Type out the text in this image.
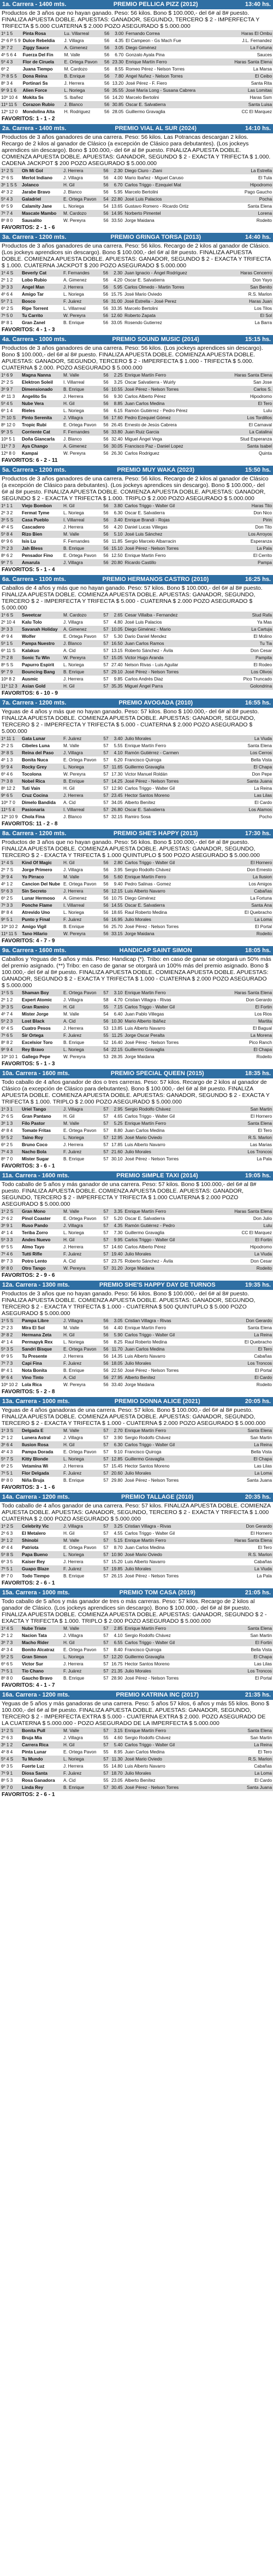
1a. Carrera - 1400 mts.	PREMIO PELLICA PIZZ (2012)	13:40 hs.
Productos de 3 años que no hayan ganado. Peso: 56 kilos. Bono $ 100.000,- del 6# al 8# puesto. FINALIZA APUESTA DOBLE. APUESTAS: GANADOR, SEGUNDO, TERCERO $ 2 - IMPERFECTA Y TRIFECTA $ 5.000 CUATERNA $ 2.000 POZO ASEGURADO $ 5.000.000
1º 1 5	Pinta Rosa	Lu. Villarreal	56	3.00	Fernando Correa	Haras El Ombu
2º 6 P 5 9	Dulce Rebeldia	J. Villagra	56	4.35	El Campeon - Gs Mach Fue	J.L. Fernandez
3º 7 2	Ziggy Sauce	A. Gimenez	56	3.05	Diego Giménez	La Fortuna
4º 5 6 4	Fuerza Del Fin	M. Valle	56	6.70	Gonzalo Ayala Pina	Sauces
5º 4 3	Flor de Ciruela	E. Ortega Pavon	56	23.30	Enrique Martín Ferro	Haras Santa Elena
6º 2	Juana Tiempo	M. Cardozo	56	8.55	Romeo Pérez - Nelson Torres	La Marsa
7º 8 S 5	Dona Reina	B. Enrique	56	7.80	Angel Nuñez - Nelson Torres	El Ceibo
8º 3 4	Portinari Ss	J. Herrera	56	13.20	José Pérez - F. Fiero	Santa Rita
9º 9 1 6	Alien Force	L. Noriega	56	35.55	José María Long - Susana Cabrera	Las Lomitas
10º 10 4	Mokita Ss	S. Ibañez	56	14.20	Marcelo Bertolini	Haras Ssm
11º 11 5	Corazon Rubio	J. Blanco	56	30.85	Oscar E. Salvatierra	Santa Luisa
12º 12 0	Mondolina Alta	H. Rodriguez	56	28.05	Guillermo Gravaglia	CC El Marquez
FAVORITOS: 1 - 1 - 2
2a. Carrera - 1400 mts.	PREMIO VIAL AL SUR (2024)	14:10 hs.
Productos de 3 años ganadores de una carrera. Peso: 56 kilos. Las Potrancas descargan 2 kilos. Recargo de 2 kilos al ganador de Clásico (a excepción de Clásico para debutantes). (Los jockeys aprendices sin descargo). Bono $ 100.000,- del 6# al 8# puesto. FINALIZA APUESTA DOBLE. COMIENZA APUESTA DOBLE. APUESTAS: GANADOR, SEGUNDO $ 2 - EXACTA Y TRIFECTA $ 1.000. CADENA JACKPOT $ 200 POZO ASEGURADO $ 5.000.000
1º 2 S	Oh Mi Gol	J. Herrera	56	2.30	Diego Ciuro - Ziani	La Estrella
2º 6 S	Merlot Indiano	J. Villagra	56	4.00	Mario Ibañez - Miguel Caruso	El Tula
3º 1 S 5	Jolanco	H. Gil	56	6.70	Carlos Triggo - Ezequiel Mat	Hipodromo
4º 3 2	Jarabe Bravo	J. Blanco	56	5.95	Marcelo Bertolini	Pago Gaucho
5º 4 3	Galadriel	E. Ortega Pavon	54	22.80	José Luis Palacios	Pocha
6º 5 9	Calamity Jane	L. Noriega	54	13.65	Gustavo Romero - Ricardo Ortiz	Santa Elena
7º 7 4	Mascate Mambo	M. Cardozo	56	14.95	Norberto Pimentel	Lorena
8º 8 0	Sausalito	W. Pereyra	56	33.50	Jorge Maidana	Rodeito
FAVORITOS: 2 - 1 - 6
3a. Carrera - 1200 mts.	PREMIO GRINGA TORSA (2013)	14:40 hs.
Productos de 3 años ganadores de una carrera. Peso: 56 kilos. Recargo de 2 kilos al ganador de Clásico. (Los jockeys aprendices sin descargo). Bono $ 100.000,- del 6# al 8# puesto. FINALIZA APUESTA DOBLE. COMIENZA APUESTA DOBLE. APUESTAS: GANADOR, SEGUNDO $ 2 - EXACTA Y TRIFECTA $ 1.000. CUATERNA JACKPOT $ 200 POZO ASEGURADO $ 5.000.000
1º 4 S	Beverly Cat	F. Fernandes	56	2.30	Juan Ignacio - Ángel Rodríguez	Haras Cencerro
2º 1 2	Lobo Rubio	A. Gimenez	56	4.20	Oscar E. Salvatierra	Don Yayo
3º 3 3	Angel Man	J. Herrera	56	5.95	Carlos Olmedo - Martin Torres	San Benito
4º 6 4	Amigo Tar	L. Noriega	56	15.75	José Mario Oviedo	R.S. Marlon
5º 7 1	Bosco	F. Juárez	56	31.00	José Estrella - José Perez	Haras Juan
6º 2 S	Ripe Torrent	L. Villarreal	56	33.35	Marcelo Bertolini	Los Tilos
7º 5 0	Tu Carrito	W. Pereyra	56	12.60	Roberto Zapata	El Sol
8º 8 1	Gran Zanel	B. Enrique	56	33.05	Rosendo Gutierrez	La Barra
FAVORITOS: 4 - 1 - 3
4a. Carrera - 1000 mts.	PREMIO SOUND MUSIC (2014)	15:15 hs.
Productos de 3 años ganadores de una carrera. Peso: 56 kilos. (Los jockeys aprendices sin descargo). Bono $ 100.000,- del 6# al 8# puesto. FINALIZA APUESTA DOBLE. COMIENZA APUESTA DOBLE. APUESTAS: GANADOR, SEGUNDO, TERCERO $ 2 - IMPERFECTA $ 1.000 - TRIFECTA $ 5.000. CUATERNA $ 2.000. POZO ASEGURADO $ 5.000.000
1º 6 9	Magna Nanna	M. Valle	56	2.25	Enrique Martín Ferro	Haras Santa Elena
2º 2 S	Elektron Soleil	I. Villarreal	56	3.25	Oscar Salvatierra - Wuirly	San Jose
3º 9 7	Dimensionado	B. Enrique	56	10.55	José Pérez - Nelson Torres	Carlos S.
4º 11 3	Angelito Ss	J. Herrera	56	9.30	Carlos Alberto Pérez	Hipodromo
5º 4 5	Nube Vera	H. Gil	56	8.85	Juan Carlos Medina	El Tero
6º 1 4	Rieles	L. Noriega	56	6.15	Ramón Gutiérrez - Pedro Pérez	Lulu
7º 10 S	Pinto Serenita	J. Villagra	56	17.60	Pedro Ezequiel Gómez	Los Tordillos
8º 12 0	Tropic Rubi	E. Ortega Pavon	56	26.45	Ernesto de Jesús Cabrera	El Carnaval
9º 3 5	Corriente Cat	F. Fernandes	56	33.80	Juan Ruiz Garcia	La Catalina
10º 5 1	Doña Giancarla	J. Blanco	56	32.40	Miguel Ángel Vega	Stud Esperanza
11º 7 3	Aya Chango	A. Gimenez	56	30.05	Francisco Paz - Daniel Lopez	Santa Isabel
12º 8 0	Kampai	W. Pereyra	56	26.30	Carlos Rodriguez	Quinta
FAVORITOS: 6 - 2 - 11
5a. Carrera - 1200 mts.	PREMIO MUY WAKA (2023)	15:50 hs.
Productos de 3 años ganadores de una carrera. Peso: 56 kilos. Recargo de 2 kilos al ganador de Clásico (a excepción de Clásico para debutantes). (Los jockeys aprendices sin descargo). Bono $ 100.000,- del 6# al 8# puesto. FINALIZA APUESTA DOBLE. COMIENZA APUESTA DOBLE. APUESTAS: GANADOR, SEGUNDO $ 2 - EXACTA Y TRIFECTA $ 1.000. TRIPLO $ 2.000 POZO ASEGURADO $ 5.000.000
1º 1 1	Viejo Bombon	H. Gil	56	3.80	Carlos Triggo - Walter Gil	Haras Tito
2º 3 2	Fermat Tyme	L. Noriega	56	6.30	Oscar E. Salvatierra	Don Nico
3º 5 S	Casa Pueblo	I. Villarreal	56	3.40	Enrique Brandi - Rojas	Pirin
4º 4 S	Cascadero	J. Herrera	56	4.20	Daniel Lucas Villegas	Don Tito
5º 8 4	Rizo Bien	M. Valle	56	5.10	José Luis Sánchez	Los Arroyos
6º 9 6	Isis Lu	F. Fernandes	56	11.85	Sergio Marcelo Albarracin	Esperanza
7º 2 3	Jah Bless	B. Enrique	56	15.10	José Pérez - Nelson Torres	La Pala
8º 6 2	Pensador Fino	E. Ortega Pavon	56	12.50	Enrique Martin Ferro	El Cerrito
9º 7 5	Amarula	J. Villagra	56	20.80	Ricardo Castillo	Pampa
FAVORITOS: 5 - 1 - 4
6a. Carrera - 1100 mts.	PREMIO HERMANOS CASTRO (2010)	16:25 hs.
Caballos de 4 años y más que no hayan ganado. Peso: 57 kilos. Bono $ 100.000,- del 6# al 8# puesto. FINALIZA APUESTA DOBLE. COMIENZA APUESTA DOBLE. APUESTAS: GANADOR, SEGUNDO, TERCERO $ 2 - IMPERFECTA Y TRIFECTA $ 5.000 - CUATERNA $ 2.000 POZO ASEGURADO $ 5.000.000
1º 6 S	Sweetcar	M. Cardozo	57	2.65	Cesar Villalba - Fernandez	Stud Rafa
2º 10 4	Kalu Tolo	J. Villagra	57	4.80	José Luis Palacios	Ya Mas
3º 3 3	Savanah Holiday	A. Gimenez	57	10.05	Diego Giménez - Mario	La Cartuja
4º 9 4	Wolfer	E. Ortega Pavon	57	5.30	Dario Daniel Mendez	El Molino
5º 1 5	Pampa Nuestro	J. Blanco	57	16.50	Juan Carlos Ramos	Tu Tia
6º 11 S	Kalakuo	A. Cid	57	13.15	Roberto Sánchez - Ávila	Don Cesar
7º 2 8	Sonic Tu Win	W. Pereyra	57	15.05	Victor Hugo Aranda	Pampita
8º 5 S	Papurro Espirit	L. Noriega	57	27.40	Nelson Rivas - Luis Aguilar	El Rodeo
9º 7 9	Bouncing Bang	B. Enrique	57	29.10	José Pérez - Nelson Torres	Los Olivos
10º 8 2	Ausmic	J. Herrera	57	9.85	Carlos Andrés Diaz	Pico Truncado
11º 12 3	Asian Gold	H. Gil	57	35.35	Miguel Ángel Parra	Golondrina
FAVORITOS: 6 - 10 - 9
7a. Carrera - 1200 mts.	PREMIO AVOGADA (2010)	16:55 hs.
Yeguas de 4 años y más que no hayan ganado. Peso: 57 kilos. Bono $ 100.000,- del 6# al 8# puesto. FINALIZA APUESTA DOBLE. COMIENZA APUESTA DOBLE. APUESTAS: GANADOR, SEGUNDO, TERCERO $ 2 - IMPERFECTA Y TRIFECTA $ 5.000 - CUATERNA $ 2.000 POZO ASEGURADO $ 5.000.000
1º 11 1	Gata Lunar	F. Juárez	57	3.40	Julio Morales	La Viuda
2º 2 S	Cibeles Luna	M. Valle	57	5.55	Enrique Martín Ferro	Santa Elena
3º 8 S	Reina del Paso	J. Villagra	57	4.10	Ramón Gutiérrez - Carmen	Los Cerros
4º 1 3	Bonita Nuca	E. Ortega Pavon	57	6.20	Francisco Quiroga	Bella Vista
5º 9 4	Rocky Grey	L. Noriega	57	11.65	Guillermo Gravaglia	El Chapa
6º 4 6	Tocolona	W. Pereyra	57	17.30	Victor Manuel Roldán	Don Pepe
7º 3 8	Nobel Rica	B. Enrique	57	14.25	José Pérez - Nelson Torres	Santa Juana
8º 12 2	Tuti Vain	H. Gil	57	12.90	Carlos Triggo - Walter Gil	La Reina
9º 6 5	Cruz Cocina	J. Herrera	57	23.45	Hector Santos Moreno	Las Lilas
10º 7 0	Dimelo Bandida	A. Cid	57	34.05	Alberto Benítez	El Cardo
11º 5 4	Pasionaria	I. Villarreal	57	26.80	Oscar E. Salvatierra	Los Alamos
12º 10 9	Chola Fina	J. Blanco	57	32.15	Ramiro Sosa	Pocho
FAVORITOS: 11 - 2 - 8
8a. Carrera - 1200 mts.	PREMIO SHE'S HAPPY (2013)	17:30 hs.
Productos de 3 años que no hayan ganado. Peso: 56 kilos. Bono $ 100.000,- del 6# al 8# puesto. FINALIZA APUESTA DOBLE. COMIENZA APUESTA DOBLE. APUESTAS: GANADOR, SEGUNDO, TERCERO $ 2 - EXACTA Y TRIFECTA $ 1.000 QUINTUPLO $ 500 POZO ASEGURADO $ 5.000.000
1º 4 S	Kind Of Magic	H. Gil	56	2.80	Carlos Triggo - Walter Gil	El Hornero
2º 7 S	Jorge Primero	J. Villagra	56	3.95	Sergio Rodolfo Chávez	Don Ernesto
3º 9 4	Yo Pirraco	M. Valle	56	5.60	Enrique Martín Ferro	La Ilusion
4º 1 2	Cancion Del Nube	E. Ortega Pavon	56	9.40	Pedro Salinas - Gomez	Los Amigos
5º 6 3	Sin Secreto	J. Herrera	56	12.15	Luis Alberto Navarro	Cabañas
6º 2 5	Lunar Hermoso	A. Gimenez	56	10.75	Diego Giménez	La Fortuna
7º 3 3	Ponche Flame	I. Villarreal	56	14.55	Oscar E. Salvatierra	Santa Ana
8º 8 4	Atrevido Uno	L. Noriega	56	18.65	Raul Roberto Medina	El Quebracho
9º 5 1	Punto y Final	F. Juárez	56	16.95	Julio Morales	La Loma
10º 10 2	Amigo Vigil	B. Enrique	56	25.70	José Pérez - Nelson Torres	El Portal
11º 11 5	Tano Hilario	W. Pereyra	56	33.15	Jorge Maidana	Rodeito
FAVORITOS: 4 - 7 - 9
9a. Carrera - 1600 mts.	HANDICAP SAINT SIMON	18:05 hs.
Caballos y Yeguas de 5 años y más. Peso: Handicap (*). Tribo: en caso de ganar se otorgará un 50% más del premio asignado. (**) Tribo: en caso de ganar se otorgará un 100% más del premio asignado. Bono $ 100.000,- del 6# al 8# puesto. FINALIZA APUESTA DOBLE. COMIENZA APUESTA DOBLE. APUESTAS: GANADOR, SEGUNDO $ 2 - EXACTA Y TRIFECTA $ 1.000 - CUATERNA $ 2.000 POZO ASEGURADO $ 5.000.000
1º 5 S	Shaman Boy	E. Ortega Pavon	57	3.10	Enrique Martin Ferro	Haras Santa Elena
2º 1 2	Expert Atomic	J. Villagra	58	4.70	Cristian Villagra - Rivas	Don Gerardo
3º 3 S	Gran Ramiro	H. Gil	55	7.15	Carlos Triggo - Walter Gil	El Fortin
4º 7 4	Mister Jorge	M. Valle	54	6.40	Juan Pablo Villegas	Los Rios
5º 2 3	Lost Black	A. Cid	56	10.30	Mario Alberto Ibáñez	Martita
6º 4 S	Cuatro Pesos	J. Herrera	53	13.85	Luis Alberto Navarro	El Bagual
7º 6 5	Sir Ortega	F. Juárez	55	11.25	Jorge Oscar Peralta	La Morena
8º 8 2	Excelsior Toro	B. Enrique	52	16.40	José Pérez - Nelson Torres	Pico Ranch
9º 9 4	Rey Bravo	L. Noriega	54	22.15	Guillermo Gravaglia	El Chapa
10º 10 1	Gallego Pepe	W. Pereyra	53	28.35	Jorge Maidana	Rodeito
FAVORITOS: 5 - 1 - 3
10a. Carrera - 1600 mts.	PREMIO SPECIAL QUEEN (2015)	18:35 hs.
Todo caballo de 4 años ganador de dos o tres carreras. Peso: 57 kilos. Recargo de 2 kilos al ganador de Clásico (a excepción de Clásico para debutantes). Bono $ 100.000,- del 6# al 8# puesto. FINALIZA APUESTA DOBLE. COMIENZA APUESTA DOBLE. APUESTAS: GANADOR, SEGUNDO $ 2 - EXACTA Y TRIFECTA $ 1.000. TRIPLO $ 2.000 POZO ASEGURADO $ 5.000.000
1º 3 1	Uriel Tango	J. Villagra	57	2.95	Sergio Rodolfo Chávez	San Martin
2º 6 S	Gran Pantano	H. Gil	57	4.65	Carlos Triggo - Walter Gil	El Hornero
3º 1 3	Filo Pastor	M. Valle	57	5.25	Enrique Martín Ferro	Santa Elena
4º 8 4	Tomate Fritas	E. Ortega Pavon	57	8.80	Juan Carlos Medina	El Tero
5º 5 2	Taino Roy	L. Noriega	57	12.95	José Mario Oviedo	R.S. Marlon
6º 2 5	Bruno Coco	J. Herrera	57	17.85	Luis Alberto Navarro	Las Marias
7º 4 3	Nacho Bola	F. Juárez	57	21.60	Julio Morales	Los Troncos
8º 7 0	Mister Sugar	B. Enrique	57	30.10	José Pérez - Nelson Torres	La Pala
FAVORITOS: 3 - 6 - 1
11a. Carrera - 1600 mts.	PREMIO SIMPLE TAXI (2014)	19:05 hs.
Todo caballo de 5 años y más ganador de una carrera. Peso: 57 kilos. Bono $ 100.000,- del 6# al 8# puesto. FINALIZA APUESTA DOBLE. COMIENZA APUESTA DOBLE. APUESTAS: GANADOR, SEGUNDO, TERCERO $ 2 - IMPERFECTA Y TRIFECTA $ 1.000 CUATERNA $ 2.000 POZO ASEGURADO $ 5.000.000
1º 2 S	Gran Mono	M. Valle	57	3.35	Enrique Martín Ferro	Haras Santa Elena
2º 6 2	Pinol Coaster	E. Ortega Pavon	57	5.20	Oscar E. Salvatierra	Don Julio
3º 9 1	Ruso Pando	J. Villagra	57	4.35	Ramón Gutiérrez - Pedro	Lulu
4º 1 4	Teriba Zorro	L. Noriega	57	7.30	Guillermo Gravaglia	CC El Marquez
5º 3 3	Andes Nuevo	H. Gil	57	9.95	Carlos Triggo - Walter Gil	El Fortin
6º 5 5	Almo Tayo	J. Herrera	57	14.60	Carlos Alberto Pérez	Hipodromo
7º 4 6	Tutti Rifle	F. Juárez	57	19.40	Julio Morales	La Viuda
8º 7 3	Potro Lento	A. Cid	57	23.75	Roberto Sánchez - Ávila	Don Cesar
9º 8 0	Otro Tango	W. Pereyra	57	31.20	Jorge Maidana	Rodeito
FAVORITOS: 2 - 9 - 6
12a. Carrera - 1300 mts.	PREMIO SHE'S HAPPY DAY DE TURNOS	19:35 hs.
Productos de 3 años que no hayan ganado. Peso: 56 kilos. Bono $ 100.000,- del 6# al 8# puesto. FINALIZA APUESTA DOBLE. COMIENZA APUESTA DOBLE. APUESTAS: GANADOR, SEGUNDO, TERCERO $ 2 - EXACTA Y TRIFECTA $ 1.000 - CUATERNA $ 500 QUINTUPLO $ 5.000 POZO ASEGURADO $ 5.000.000
1º 5 S	Pampa Libre	J. Villagra	56	3.05	Cristian Villagra - Rivas	Don Gerardo
2º 2 3	Mira El Sol	M. Valle	56	4.40	Enrique Martín Ferro	Santa Elena
3º 8 2	Hermana Zeta	H. Gil	56	5.90	Carlos Triggo - Walter Gil	La Reina
4º 1 4	Permapyk Rex	L. Noriega	56	8.25	Raul Roberto Medina	El Quebracho
5º 3 S	Sandri Bisque	E. Ortega Pavon	56	11.70	Juan Carlos Medina	El Tero
6º 9 5	Tu Presente	J. Herrera	56	14.35	Luis Alberto Navarro	Cabañas
7º 7 3	Capi Fina	F. Juárez	56	18.05	Julio Morales	Los Troncos
8º 4 1	Nota Bonita	B. Enrique	56	22.50	José Pérez - Nelson Torres	El Portal
9º 6 4	Vino Tinto	A. Cid	56	27.95	Alberto Benítez	El Cardo
10º 10 2	Lola Rica	W. Pereyra	56	33.40	Jorge Maidana	Rodeito
FAVORITOS: 5 - 2 - 8
13a. Carrera - 1000 mts.	PREMIO DONNA ALICE (2021)	20:05 hs.
Yeguas de 4 años ganadoras de una carrera. Peso: 57 kilos. Bono $ 100.000,- del 6# al 8# puesto. FINALIZA APUESTA DOBLE. COMIENZA APUESTA DOBLE. APUESTAS: GANADOR, SEGUNDO, TERCERO $ 2 - EXACTA Y TRIFECTA $ 1.000 - CUATERNA $ 2.000 POZO ASEGURADO $ 5.000.000
1º 3 S	Delgada E	M. Valle	57	2.70	Enrique Martín Ferro	Santa Elena
2º 1 2	Lunera Astral	J. Villagra	57	3.90	Sergio Rodolfo Chávez	San Martin
3º 6 4	Ilusion Rosa	H. Gil	57	6.30	Carlos Triggo - Walter Gil	La Reina
4º 4 3	Pampa Dorada	E. Ortega Pavon	57	9.10	Francisco Quiroga	Bella Vista
5º 7 S	Kitty Blonde	L. Noriega	57	12.85	Guillermo Gravaglia	El Chapa
6º 2 5	Vetamina Wi	J. Herrera	57	15.45	Hector Santos Moreno	Las Lilas
7º 5 1	Flor Delgada	F. Juárez	57	20.60	Julio Morales	La Loma
8º 8 0	Niña Bruja	B. Enrique	57	29.80	José Pérez - Nelson Torres	Santa Juana
FAVORITOS: 3 - 1 - 6
14a. Carrera - 1200 mts.	PREMIO TALLAGE (2010)	20:35 hs.
Todo caballo de 4 años ganador de una carrera. Peso: 57 kilos. FINALIZA APUESTA DOBLE. COMIENZA APUESTA DOBLE. APUESTAS: GANADOR, SEGUNDO, TERCERO $ 2 - EXACTA Y TRIFECTA $ 1.000 CUATERNA $ 2.000 POZO ASEGURADO $ 5.000.000
1º 2 S	Celebrity Vic	J. Villagra	57	3.25	Cristian Villagra - Rivas	Don Gerardo
2º 6 3	El Metalero	H. Gil	57	4.55	Carlos Triggo - Walter Gil	El Hornero
3º 1 2	Shinobi	M. Valle	57	5.15	Enrique Martín Ferro	Haras Santa Elena
4º 4 4	Patriota	E. Ortega Pavon	57	8.70	Juan Carlos Medina	El Tero
5º 8 S	Papa Bueno	L. Noriega	57	10.90	José Mario Oviedo	R.S. Marlon
6º 3 5	Kaiser Rey	J. Herrera	57	15.20	Luis Alberto Navarro	Cabañas
7º 5 1	Guapo Blaze	F. Juárez	57	19.85	Julio Morales	La Viuda
8º 7 0	Todo Tiempo	B. Enrique	57	26.15	José Pérez - Nelson Torres	La Pala
FAVORITOS: 2 - 6 - 1
15a. Carrera - 1000 mts.	PREMIO TOM CASA (2019)	21:05 hs.
Todo caballo de 5 años y más ganador de tres o más carreras. Peso: 57 kilos. Recargo de 2 kilos al ganador de Clásico. (Los jockeys aprendices sin descargo). Bono $ 100.000,- del 6# al 8# puesto. FINALIZA APUESTA DOBLE. COMIENZA APUESTA DOBLE. APUESTAS: GANADOR, SEGUNDO $ 2 - EXACTA Y TRIFECTA $ 1.000. TRIPLO $ 2.000 POZO ASEGURADO $ 5.000.000
1º 4 S	Nube Triste	M. Valle	57	2.85	Enrique Martín Ferro	Santa Elena
2º 1 2	Nacion Tata	J. Villagra	57	4.10	Sergio Rodolfo Chávez	San Martin
3º 7 3	Macho Rider	H. Gil	57	6.55	Carlos Triggo - Walter Gil	El Fortin
4º 3 4	Bonito Alcatraz	E. Ortega Pavon	57	8.40	Francisco Quiroga	Bella Vista
5º 2 S	Gran Simon	L. Noriega	57	12.20	Guillermo Gravaglia	El Chapa
6º 6 5	Victor Sur	J. Herrera	57	16.75	Hector Santos Moreno	Las Lilas
7º 5 1	Tío Chano	F. Juárez	57	21.35	Julio Morales	Los Troncos
8º 8 0	Gaucho Bravo	B. Enrique	57	28.90	José Pérez - Nelson Torres	El Portal
FAVORITOS: 4 - 1 - 7
16a. Carrera - 1200 mts.	PREMIO KATRINA INC (2017)	21:35 hs.
Yeguas de 5 años y más ganadoras de una carrera. Peso: 5 años 57 kilos, 6 años y más 55 kilos. Bono $ 100.000,- del 6# al 8# puesto. FINALIZA APUESTA DOBLE. APUESTAS: GANADOR, SEGUNDO, TERCERO $ 2 - IMPERFECTA EXTRA $ 5.000 - CUATERNA EXTRA $ 2.000. POZO ASEGURADO DE LA CUATERNA $ 5.000.000 - POZO ASEGURADO DE LA IMPERFECTA $ 5.000.000
1º 2 S	Bonita Pull	M. Valle	57	3.15	Enrique Martín Ferro	Santa Elena
2º 6 3	Bruja Mia	J. Villagra	55	4.60	Sergio Rodolfo Chávez	San Martin
3º 1 2	Carrera Rica	H. Gil	57	5.40	Carlos Triggo - Walter Gil	La Reina
4º 8 4	Pinta Lunar	E. Ortega Pavon	55	8.95	Juan Carlos Medina	El Tero
5º 4 S	Tu Mundo	L. Noriega	57	11.30	José Mario Oviedo	R.S. Marlon
6º 3 5	Fuerte Luz	J. Herrera	55	14.80	Luis Alberto Navarro	Cabañas
7º 9 1	Diosa Santa	F. Juárez	57	18.70	Julio Morales	La Loma
8º 5 3	Rosa Ganadora	A. Cid	55	23.05	Alberto Benítez	El Cardo
9º 7 0	Linda Rey	B. Enrique	57	30.45	José Pérez - Nelson Torres	Santa Juana
FAVORITOS: 2 - 6 - 1
